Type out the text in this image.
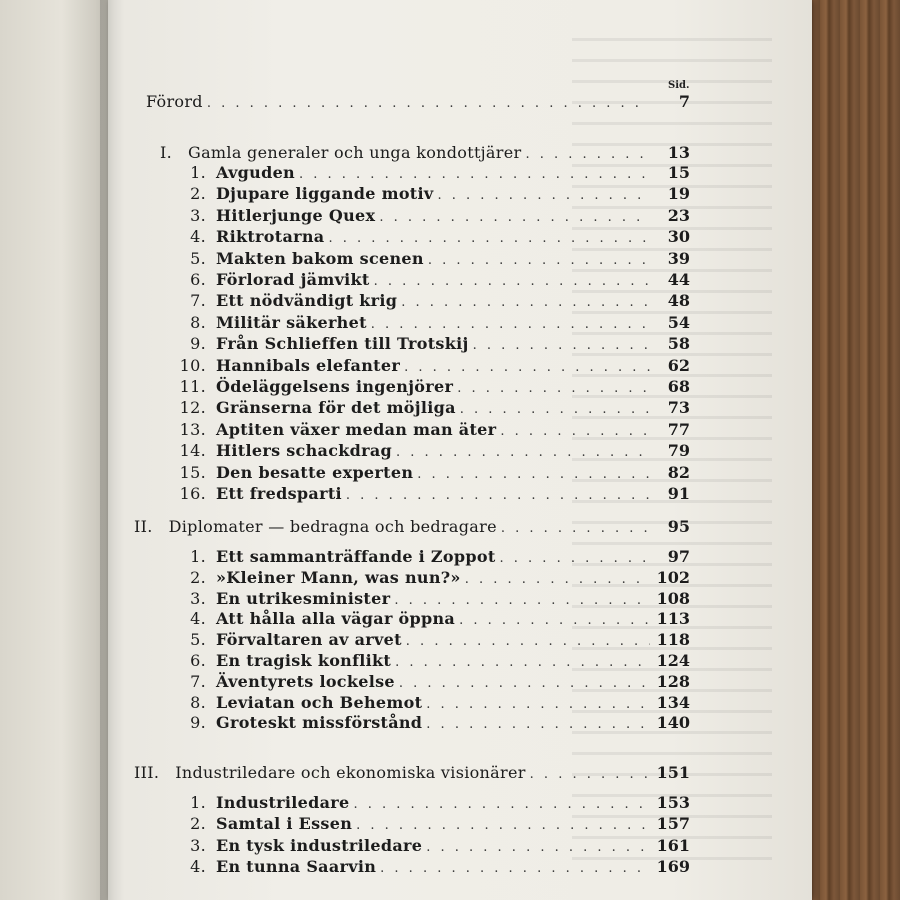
Sid.
Förord . . .	7
I.	Gamla generaler och unga kondottjärer . . .	13
1. Avguden . . .	15
2. Djupare liggande motiv . . .	19
3. Hitlerjunge Quex . . .	23
4. Riktrotarna . . .	30
5. Makten bakom scenen . . .	39
6. Förlorad jämvikt . . .	44
7. Ett nödvändigt krig . . .	48
8. Militär säkerhet . . .	54
9. Från Schlieffen till Trotskij . . .	58
10. Hannibals elefanter . . .	62
11. Ödeläggelsens ingenjörer . . .	68
12. Gränserna för det möjliga . . .	73
13. Aptiten växer medan man äter . . .	77
14. Hitlers schackdrag . . .	79
15. Den besatte experten . . .	82
16. Ett fredsparti . . .	91
II.	Diplomater — bedragna och bedragare . . .	95
1. Ett sammanträffande i Zoppot . . .	97
2. »Kleiner Mann, was nun?» . . .	102
3. En utrikesminister . . .	108
4. Att hålla alla vägar öppna . . .	113
5. Förvaltaren av arvet . . .	118
6. En tragisk konflikt . . .	124
7. Äventyrets lockelse . . .	128
8. Leviatan och Behemot . . .	134
9. Groteskt missförstånd . . .	140
III.	Industriledare och ekonomiska visionärer . . .	151
1. Industriledare . . .	153
2. Samtal i Essen . . .	157
3. En tysk industriledare . . .	161
4. En tunna Saarvin . . .	169
